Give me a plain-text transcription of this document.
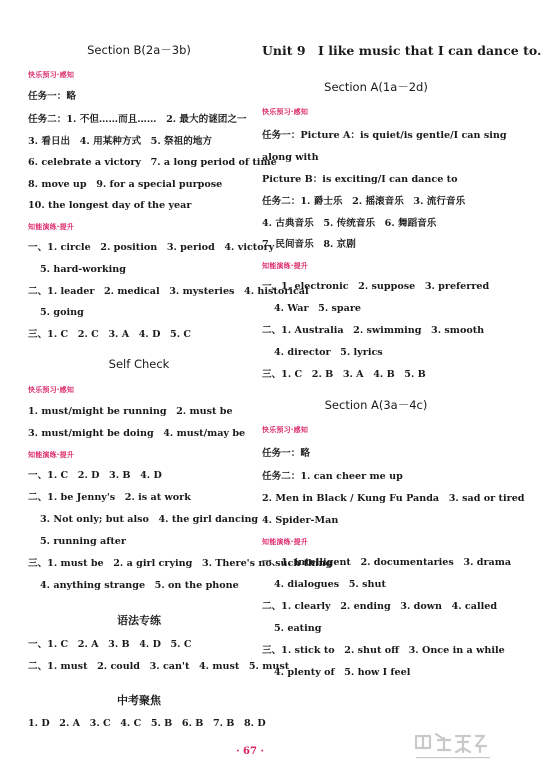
Section B(2a－3b)
快乐预习·感知
任务一：略
任务二：1. 不但……而且……　2. 最大的谜团之一
3. 看日出　4. 用某种方式　5. 祭祖的地方
6. celebrate a victory　7. a long period of time
8. move up　9. for a special purpose
10. the longest day of the year
知能演练·提升
一、1. circle　2. position　3. period　4. victory
5. hard-working
二、1. leader　2. medical　3. mysteries　4. historical
5. going
三、1. C　2. C　3. A　4. D　5. C
Self Check
快乐预习·感知
1. must/might be running　2. must be
3. must/might be doing　4. must/may be
知能演练·提升
一、1. C　2. D　3. B　4. D
二、1. be Jenny's　2. is at work
3. Not only; but also　4. the girl dancing
5. running after
三、1. must be　2. a girl crying　3. There's no such thing
4. anything strange　5. on the phone
语法专练
一、1. C　2. A　3. B　4. D　5. C
二、1. must　2. could　3. can't　4. must　5. must
中考聚焦
1. D　2. A　3. C　4. C　5. B　6. B　7. B　8. D
Unit 9　I like music that I can dance to.
Section A(1a－2d)
快乐预习·感知
任务一：Picture A：is quiet/is gentle/I can sing
along with
Picture B：is exciting/I can dance to
任务二：1. 爵士乐　2. 摇滚音乐　3. 流行音乐
4. 古典音乐　5. 传统音乐　6. 舞蹈音乐
7. 民间音乐　8. 京剧
知能演练·提升
一、1. electronic　2. suppose　3. preferred
4. War　5. spare
二、1. Australia　2. swimming　3. smooth
4. director　5. lyrics
三、1. C　2. B　3. A　4. B　5. B
Section A(3a－4c)
快乐预习·感知
任务一：略
任务二：1. can cheer me up
2. Men in Black / Kung Fu Panda　3. sad or tired
4. Spider-Man
知能演练·提升
一、1. intelligent　2. documentaries　3. drama
4. dialogues　5. shut
二、1. clearly　2. ending　3. down　4. called
5. eating
三、1. stick to　2. shut off　3. Once in a while
4. plenty of　5. how I feel
· 67 ·
